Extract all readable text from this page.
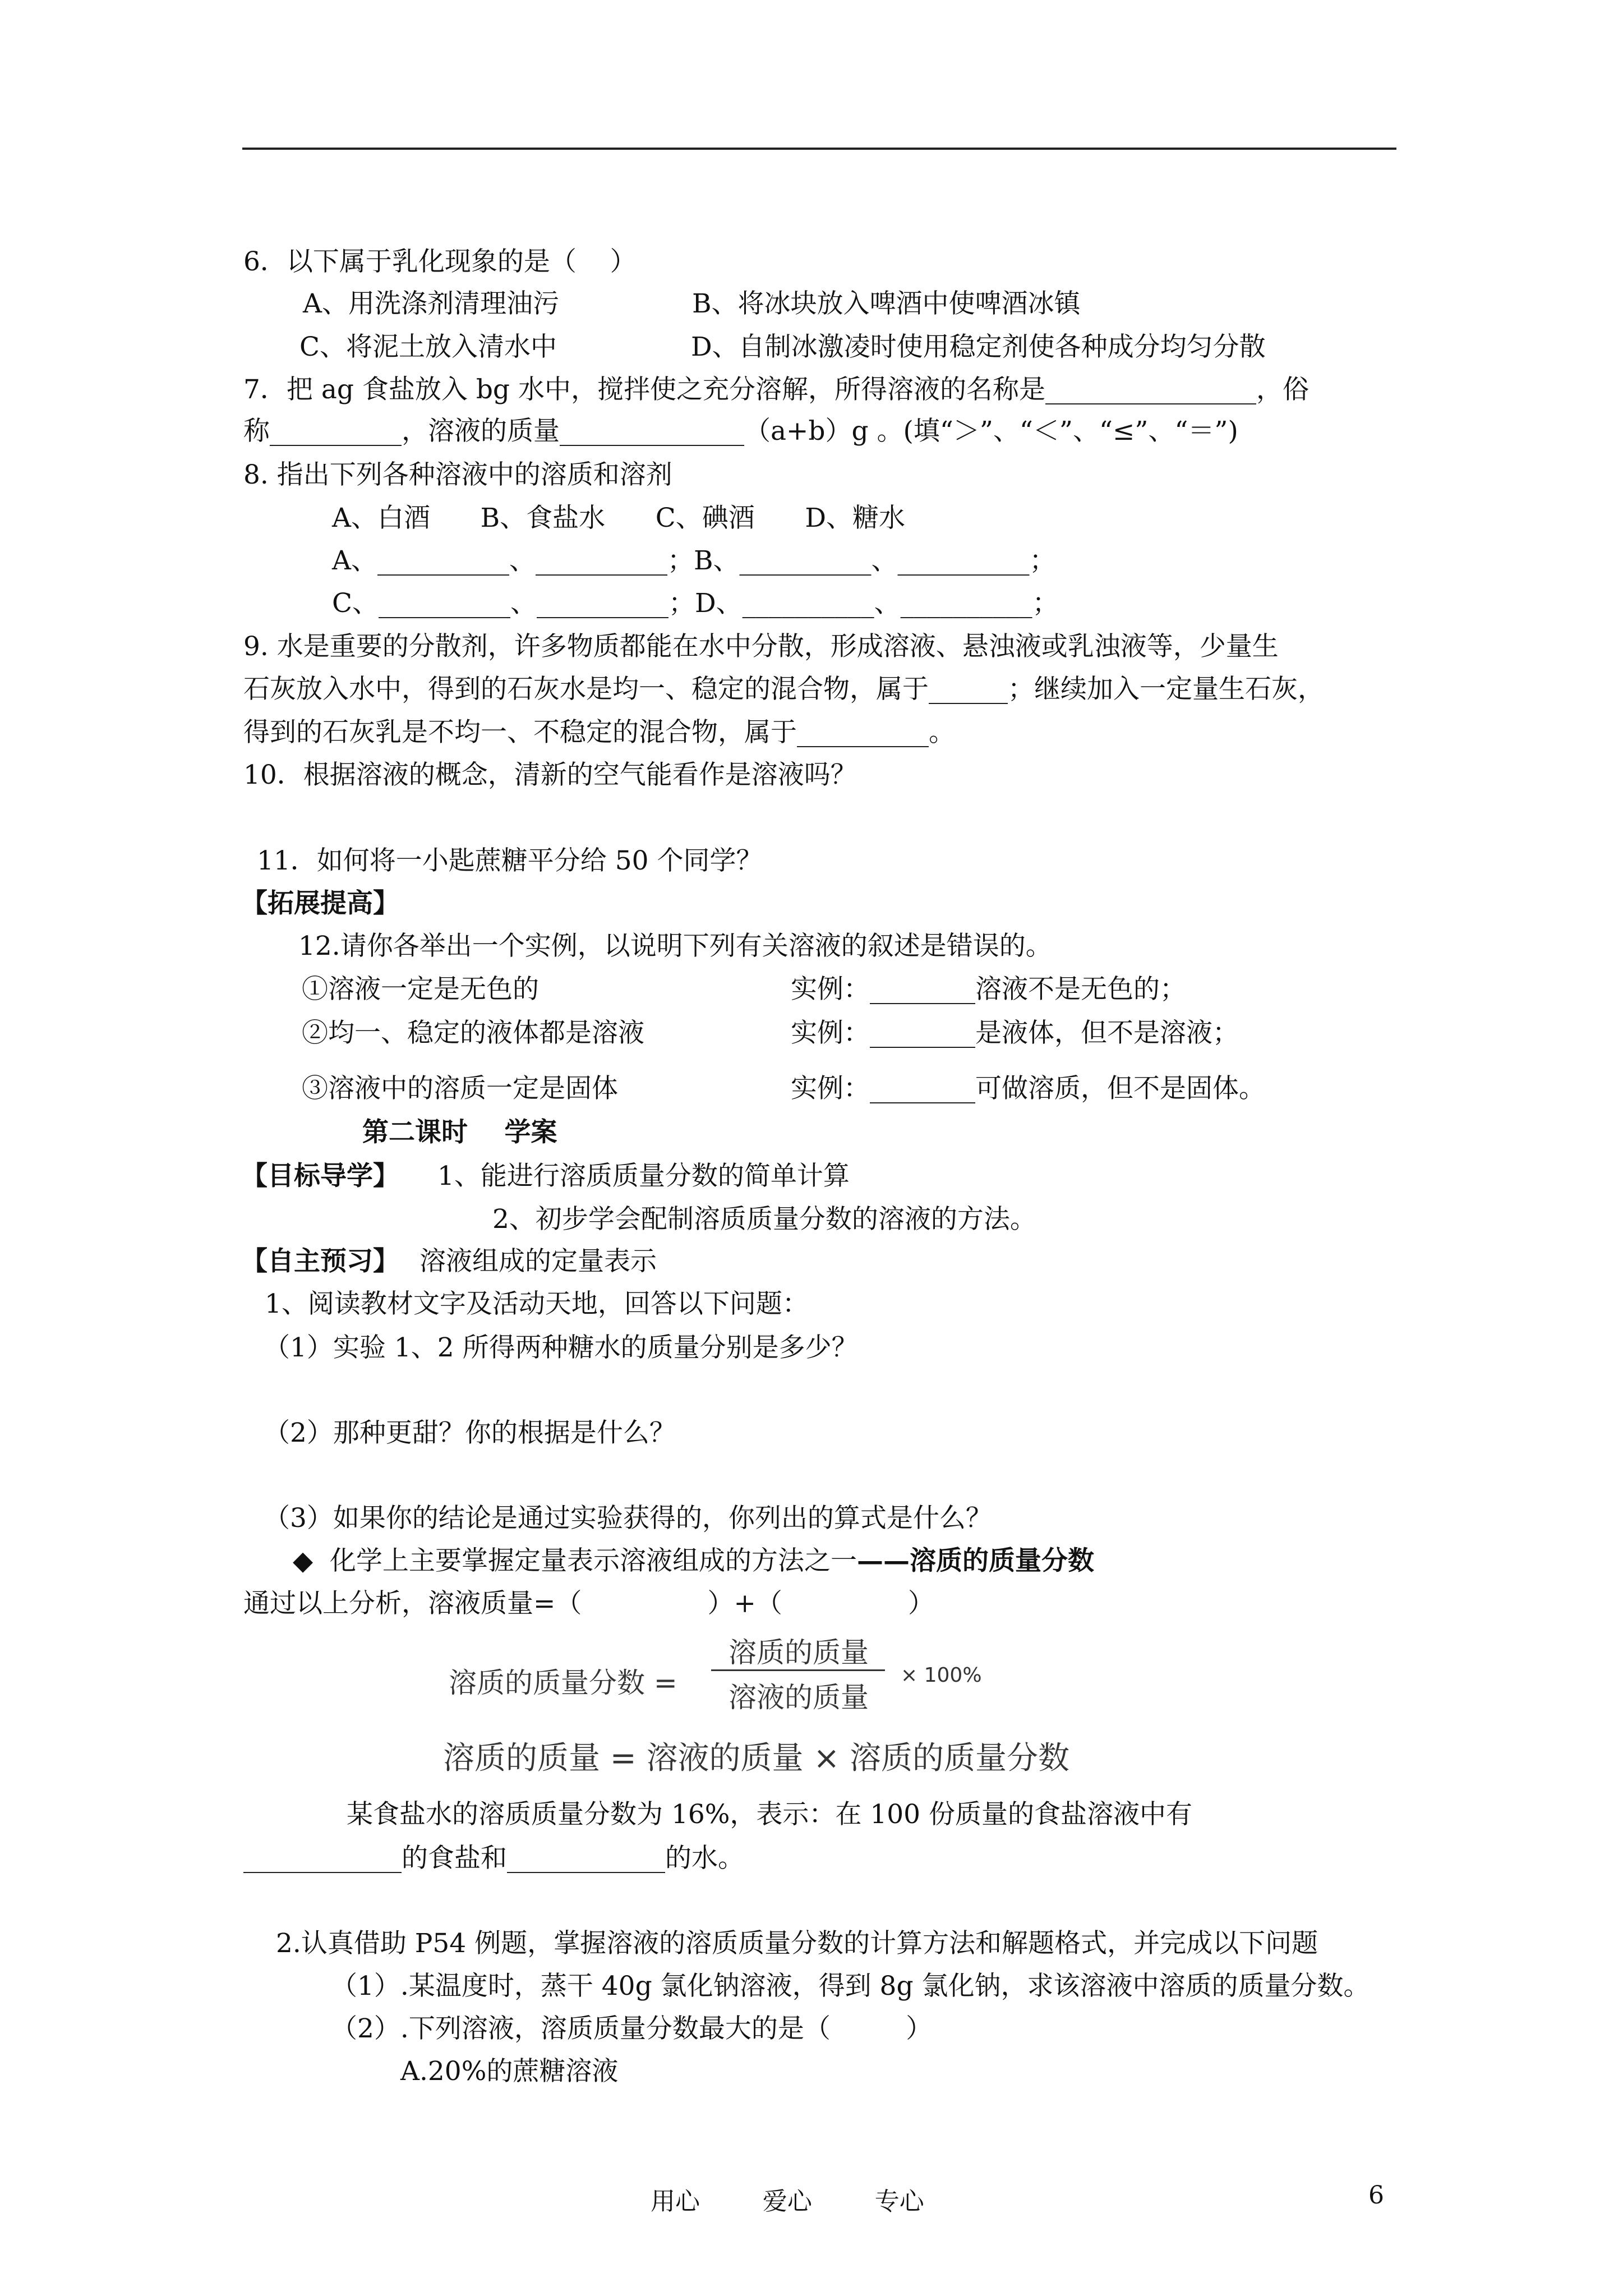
6．以下属于乳化现象的是（    ）
A、用洗涤剂清理油污	B、将冰块放入啤酒中使啤酒冰镇
C、将泥土放入清水中	D、自制冰激凌时使用稳定剂使各种成分均匀分散
7．把 ag 食盐放入 bg 水中，搅拌使之充分溶解，所得溶液的名称是________________，俗
称__________，溶液的质量______________（a+b）g 。(填“＞”、“＜”、“≤”、“＝”)
8. 指出下列各种溶液中的溶质和溶剂
A、白酒      B、食盐水      C、碘酒      D、糖水
A、__________、__________；B、__________、__________；
C、__________、__________；D、__________、__________；
9. 水是重要的分散剂，许多物质都能在水中分散，形成溶液、悬浊液或乳浊液等，少量生
石灰放入水中，得到的石灰水是均一、稳定的混合物，属于______；继续加入一定量生石灰，
得到的石灰乳是不均一、不稳定的混合物，属于__________。
10．根据溶液的概念，清新的空气能看作是溶液吗？
11．如何将一小匙蔗糖平分给 50 个同学？
【拓展提高】
12.请你各举出一个实例，以说明下列有关溶液的叙述是错误的。
①溶液一定是无色的	实例：________溶液不是无色的；
②均一、稳定的液体都是溶液	实例：________是液体，但不是溶液；
③溶液中的溶质一定是固体	实例：________可做溶质，但不是固体。
第二课时    学案
【目标导学】 1、能进行溶质质量分数的简单计算
2、初步学会配制溶质质量分数的溶液的方法。
【自主预习】 溶液组成的定量表示
1、阅读教材文字及活动天地，回答以下问题：
（1）实验 1、2 所得两种糖水的质量分别是多少？
（2）那种更甜？你的根据是什么？
（3）如果你的结论是通过实验获得的，你列出的算式是什么？
◆ 化学上主要掌握定量表示溶液组成的方法之一——溶质的质量分数
通过以上分析，溶液质量=（               ）+（               ）
溶质的质量分数 =
溶质的质量
溶液的质量
× 100%
溶质的质量 = 溶液的质量 × 溶质的质量分数
某食盐水的溶质质量分数为 16%，表示：在 100 份质量的食盐溶液中有
____________的食盐和____________的水。
2.认真借助 P54 例题，掌握溶液的溶质质量分数的计算方法和解题格式，并完成以下问题
（1）.某温度时，蒸干 40g 氯化钠溶液，得到 8g 氯化钠，求该溶液中溶质的质量分数。
（2）.下列溶液，溶质质量分数最大的是（         ）
A.20%的蔗糖溶液
用心        爱心        专心	6
